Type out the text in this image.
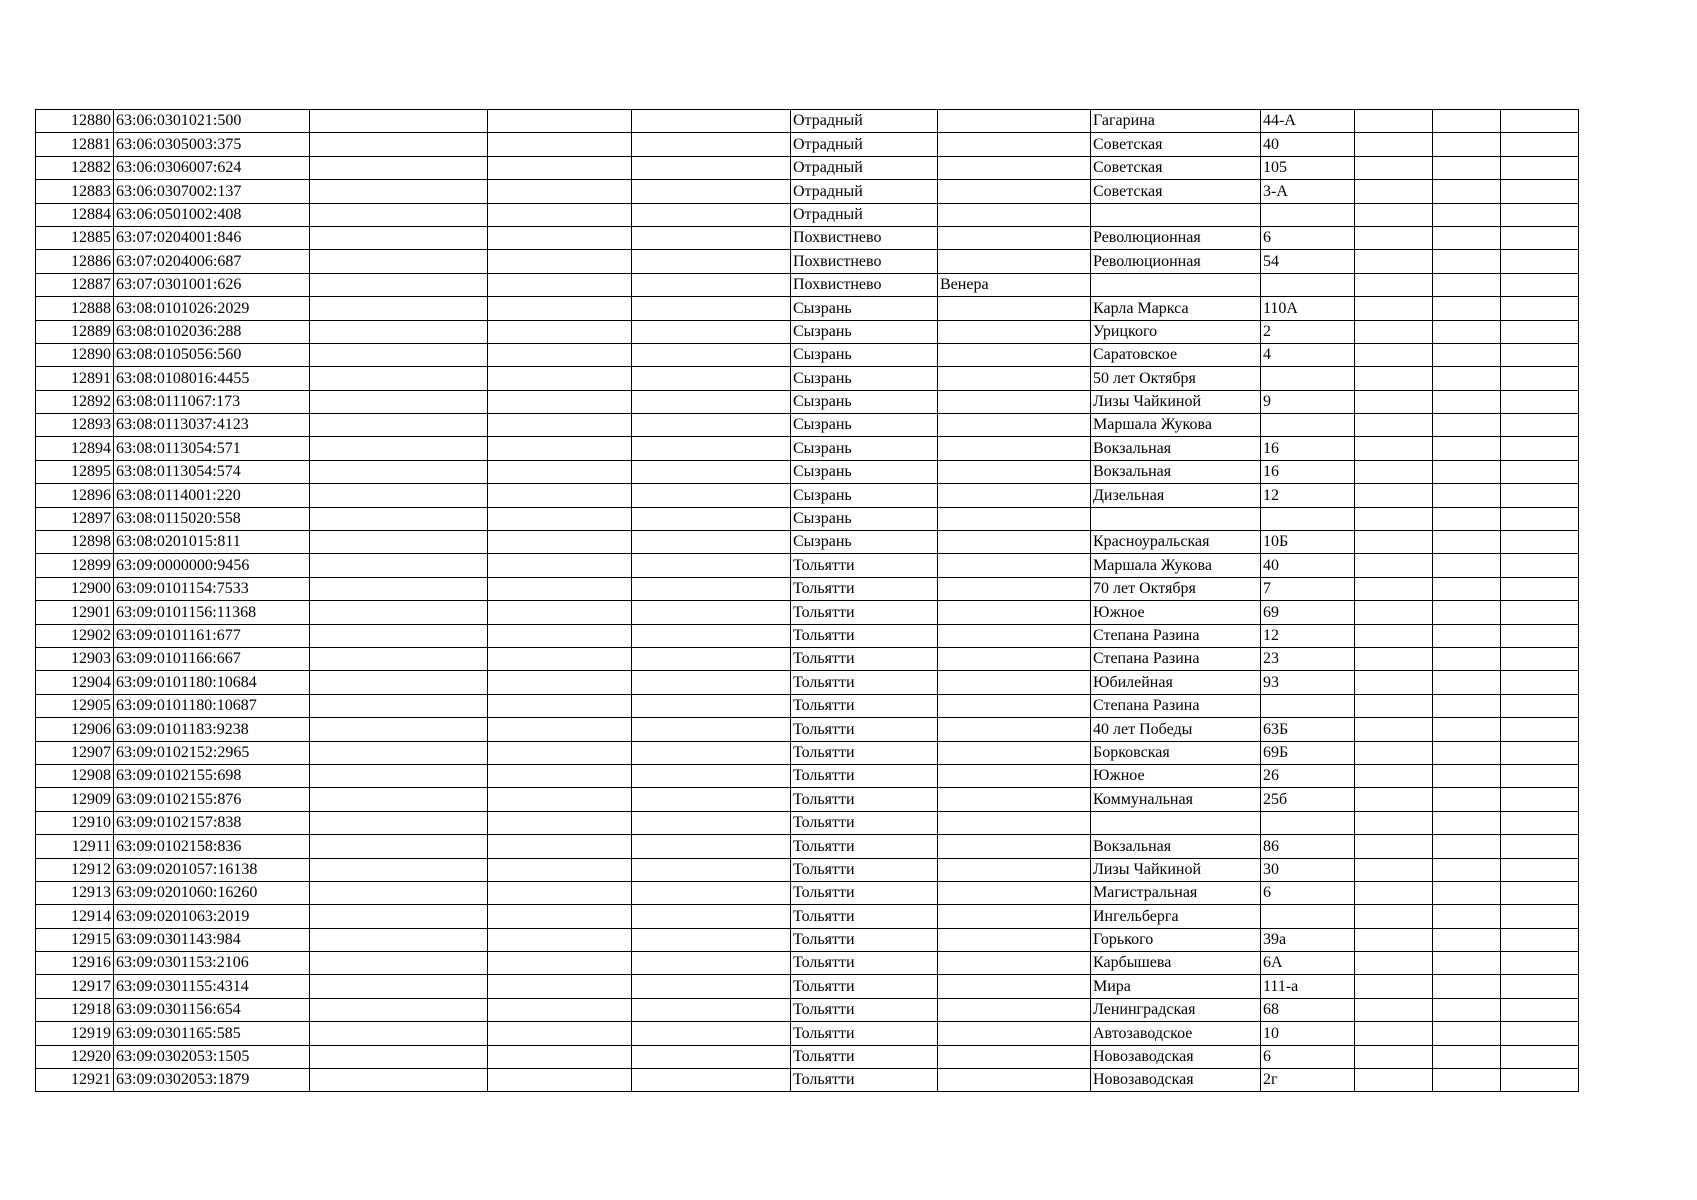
12880	63:06:0301021:500				Отрадный		Гагарина	44-А			
12881	63:06:0305003:375				Отрадный		Советская	40			
12882	63:06:0306007:624				Отрадный		Советская	105			
12883	63:06:0307002:137				Отрадный		Советская	3-А			
12884	63:06:0501002:408				Отрадный						
12885	63:07:0204001:846				Похвистнево		Революционная	6			
12886	63:07:0204006:687				Похвистнево		Революционная	54			
12887	63:07:0301001:626				Похвистнево	Венера					
12888	63:08:0101026:2029				Сызрань		Карла Маркса	110А			
12889	63:08:0102036:288				Сызрань		Урицкого	2			
12890	63:08:0105056:560				Сызрань		Саратовское	4			
12891	63:08:0108016:4455				Сызрань		50 лет Октября				
12892	63:08:0111067:173				Сызрань		Лизы Чайкиной	9			
12893	63:08:0113037:4123				Сызрань		Маршала Жукова				
12894	63:08:0113054:571				Сызрань		Вокзальная	16			
12895	63:08:0113054:574				Сызрань		Вокзальная	16			
12896	63:08:0114001:220				Сызрань		Дизельная	12			
12897	63:08:0115020:558				Сызрань						
12898	63:08:0201015:811				Сызрань		Красноуральская	10Б			
12899	63:09:0000000:9456				Тольятти		Маршала Жукова	40			
12900	63:09:0101154:7533				Тольятти		70 лет Октября	7			
12901	63:09:0101156:11368				Тольятти		Южное	69			
12902	63:09:0101161:677				Тольятти		Степана Разина	12			
12903	63:09:0101166:667				Тольятти		Степана Разина	23			
12904	63:09:0101180:10684				Тольятти		Юбилейная	93			
12905	63:09:0101180:10687				Тольятти		Степана Разина				
12906	63:09:0101183:9238				Тольятти		40 лет Победы	63Б			
12907	63:09:0102152:2965				Тольятти		Борковская	69Б			
12908	63:09:0102155:698				Тольятти		Южное	26			
12909	63:09:0102155:876				Тольятти		Коммунальная	25б			
12910	63:09:0102157:838				Тольятти						
12911	63:09:0102158:836				Тольятти		Вокзальная	86			
12912	63:09:0201057:16138				Тольятти		Лизы Чайкиной	30			
12913	63:09:0201060:16260				Тольятти		Магистральная	6			
12914	63:09:0201063:2019				Тольятти		Ингельберга				
12915	63:09:0301143:984				Тольятти		Горького	39а			
12916	63:09:0301153:2106				Тольятти		Карбышева	6А			
12917	63:09:0301155:4314				Тольятти		Мира	111-а			
12918	63:09:0301156:654				Тольятти		Ленинградская	68			
12919	63:09:0301165:585				Тольятти		Автозаводское	10			
12920	63:09:0302053:1505				Тольятти		Новозаводская	6			
12921	63:09:0302053:1879				Тольятти		Новозаводская	2г			
